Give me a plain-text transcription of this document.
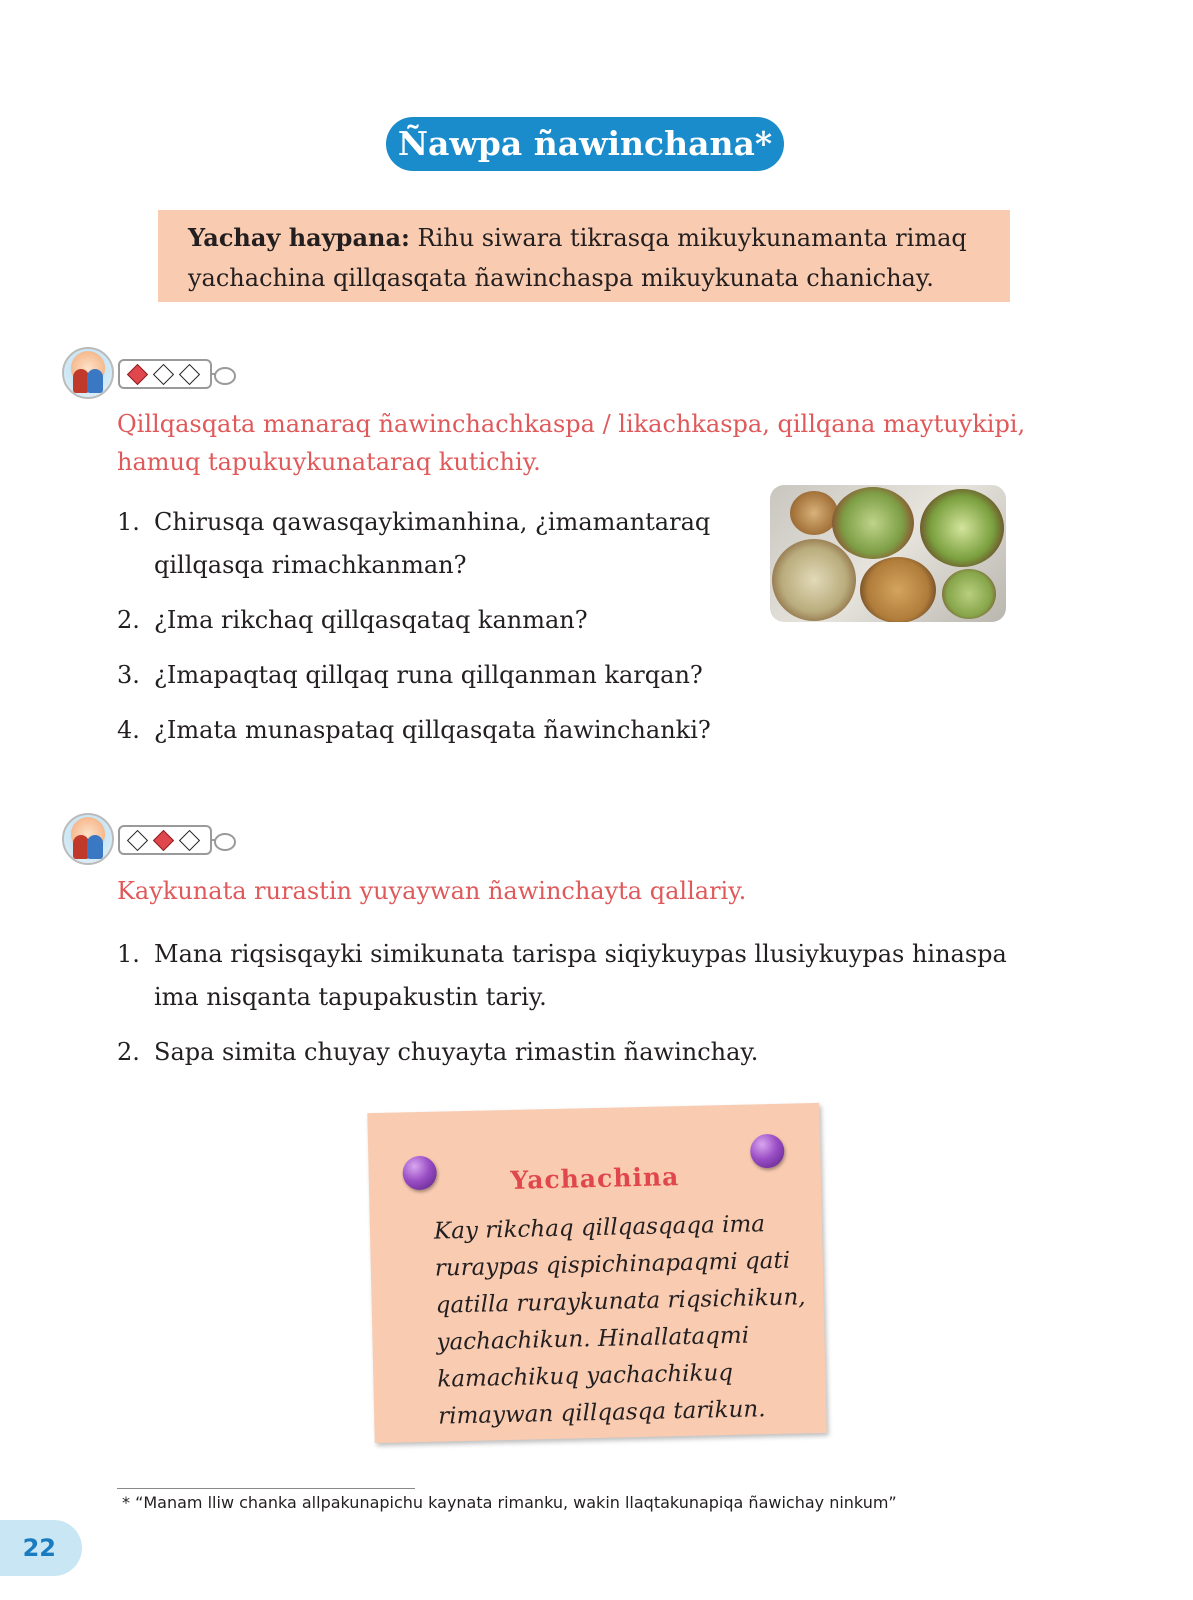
Ñawpa ñawinchana*
Yachay haypana: Rihu siwara tikrasqa mikuykunamanta rimaq
yachachina qillqasqata ñawinchaspa mikuykunata chanichay.
Qillqasqata manaraq ñawinchachkaspa / likachkaspa, qillqana maytuykipi,
hamuq tapukuykunataraq kutichiy.
1. Chirusqa qawasqaykimanhina, ¿imamantaraq
qillqasqa rimachkanman?
2. ¿Ima rikchaq qillqasqataq kanman?
3. ¿Imapaqtaq qillqaq runa qillqanman karqan?
4. ¿Imata munaspataq qillqasqata ñawinchanki?
Kaykunata rurastin yuyaywan ñawinchayta qallariy.
1. Mana riqsisqayki simikunata tarispa siqiykuypas llusiykuypas hinaspa
ima nisqanta tapupakustin tariy.
2. Sapa simita chuyay chuyayta rimastin ñawinchay.
Yachachina
Kay rikchaq qillqasqaqa ima
ruraypas qispichinapaqmi qati
qatilla ruraykunata riqsichikun,
yachachikun. Hinallataqmi
kamachikuq yachachikuq
rimaywan qillqasqa tarikun.
* “Manam lliw chanka allpakunapichu kaynata rimanku, wakin llaqtakunapiqa ñawichay ninkum”
22
